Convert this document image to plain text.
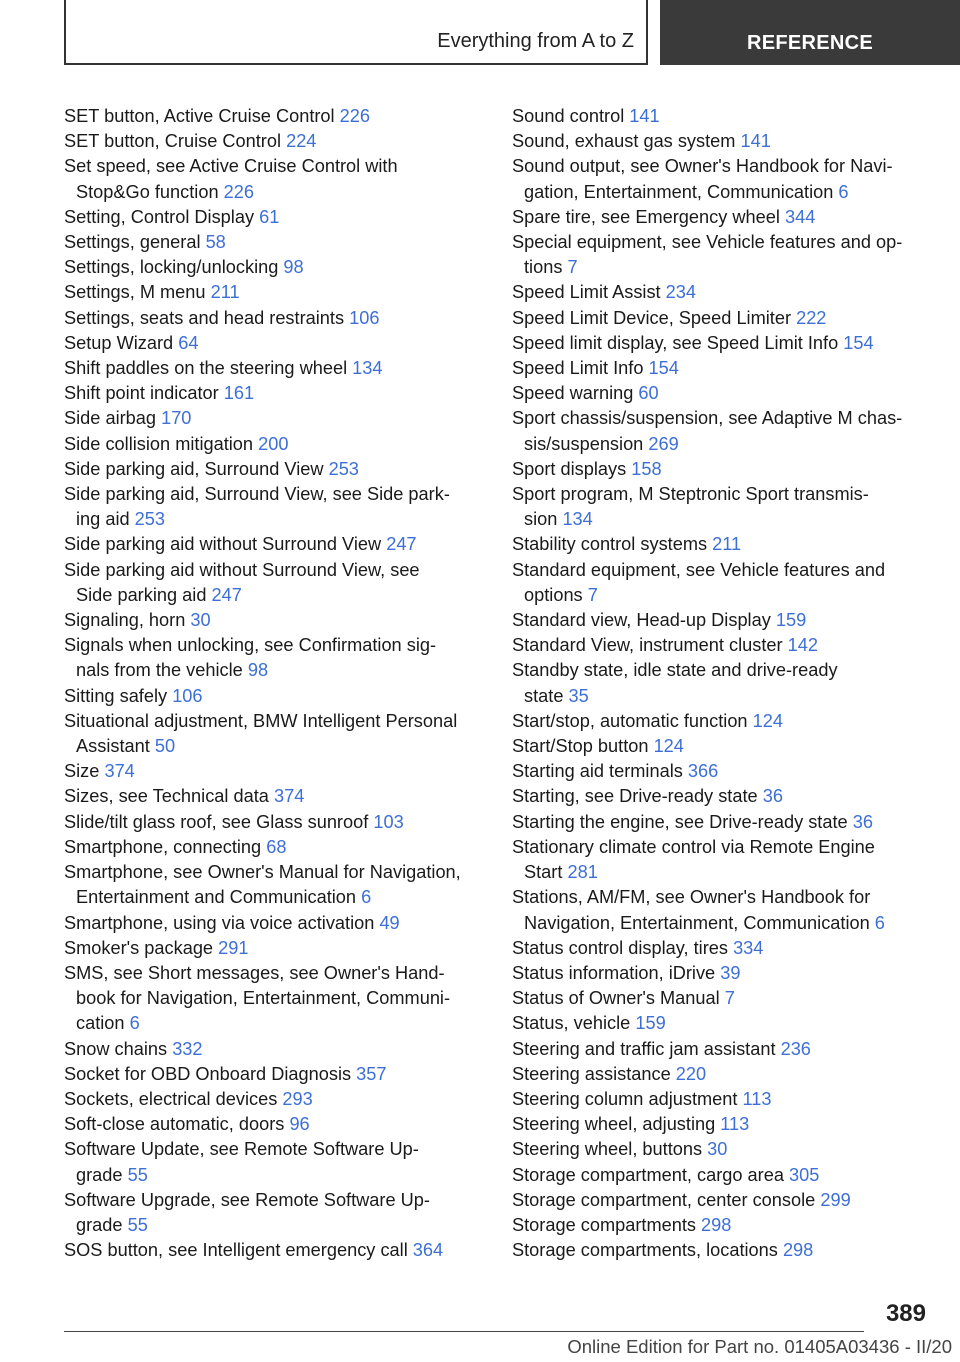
Everything from A to Z	REFERENCE
SET button, Active Cruise Control 226
SET button, Cruise Control 224
Set speed, see Active Cruise Control with
Stop&Go function 226
Setting, Control Display 61
Settings, general 58
Settings, locking/unlocking 98
Settings, M menu 211
Settings, seats and head restraints 106
Setup Wizard 64
Shift paddles on the steering wheel 134
Shift point indicator 161
Side airbag 170
Side collision mitigation 200
Side parking aid, Surround View 253
Side parking aid, Surround View, see Side park-
ing aid 253
Side parking aid without Surround View 247
Side parking aid without Surround View, see
Side parking aid 247
Signaling, horn 30
Signals when unlocking, see Confirmation sig-
nals from the vehicle 98
Sitting safely 106
Situational adjustment, BMW Intelligent Personal
Assistant 50
Size 374
Sizes, see Technical data 374
Slide/tilt glass roof, see Glass sunroof 103
Smartphone, connecting 68
Smartphone, see Owner's Manual for Navigation,
Entertainment and Communication 6
Smartphone, using via voice activation 49
Smoker's package 291
SMS, see Short messages, see Owner's Hand-
book for Navigation, Entertainment, Communi-
cation 6
Snow chains 332
Socket for OBD Onboard Diagnosis 357
Sockets, electrical devices 293
Soft-close automatic, doors 96
Software Update, see Remote Software Up-
grade 55
Software Upgrade, see Remote Software Up-
grade 55
SOS button, see Intelligent emergency call 364
Sound control 141
Sound, exhaust gas system 141
Sound output, see Owner's Handbook for Navi-
gation, Entertainment, Communication 6
Spare tire, see Emergency wheel 344
Special equipment, see Vehicle features and op-
tions 7
Speed Limit Assist 234
Speed Limit Device, Speed Limiter 222
Speed limit display, see Speed Limit Info 154
Speed Limit Info 154
Speed warning 60
Sport chassis/suspension, see Adaptive M chas-
sis/suspension 269
Sport displays 158
Sport program, M Steptronic Sport transmis-
sion 134
Stability control systems 211
Standard equipment, see Vehicle features and
options 7
Standard view, Head-up Display 159
Standard View, instrument cluster 142
Standby state, idle state and drive-ready
state 35
Start/stop, automatic function 124
Start/Stop button 124
Starting aid terminals 366
Starting, see Drive-ready state 36
Starting the engine, see Drive-ready state 36
Stationary climate control via Remote Engine
Start 281
Stations, AM/FM, see Owner's Handbook for
Navigation, Entertainment, Communication 6
Status control display, tires 334
Status information, iDrive 39
Status of Owner's Manual 7
Status, vehicle 159
Steering and traffic jam assistant 236
Steering assistance 220
Steering column adjustment 113
Steering wheel, adjusting 113
Steering wheel, buttons 30
Storage compartment, cargo area 305
Storage compartment, center console 299
Storage compartments 298
Storage compartments, locations 298
389
Online Edition for Part no. 01405A03436 - II/20
